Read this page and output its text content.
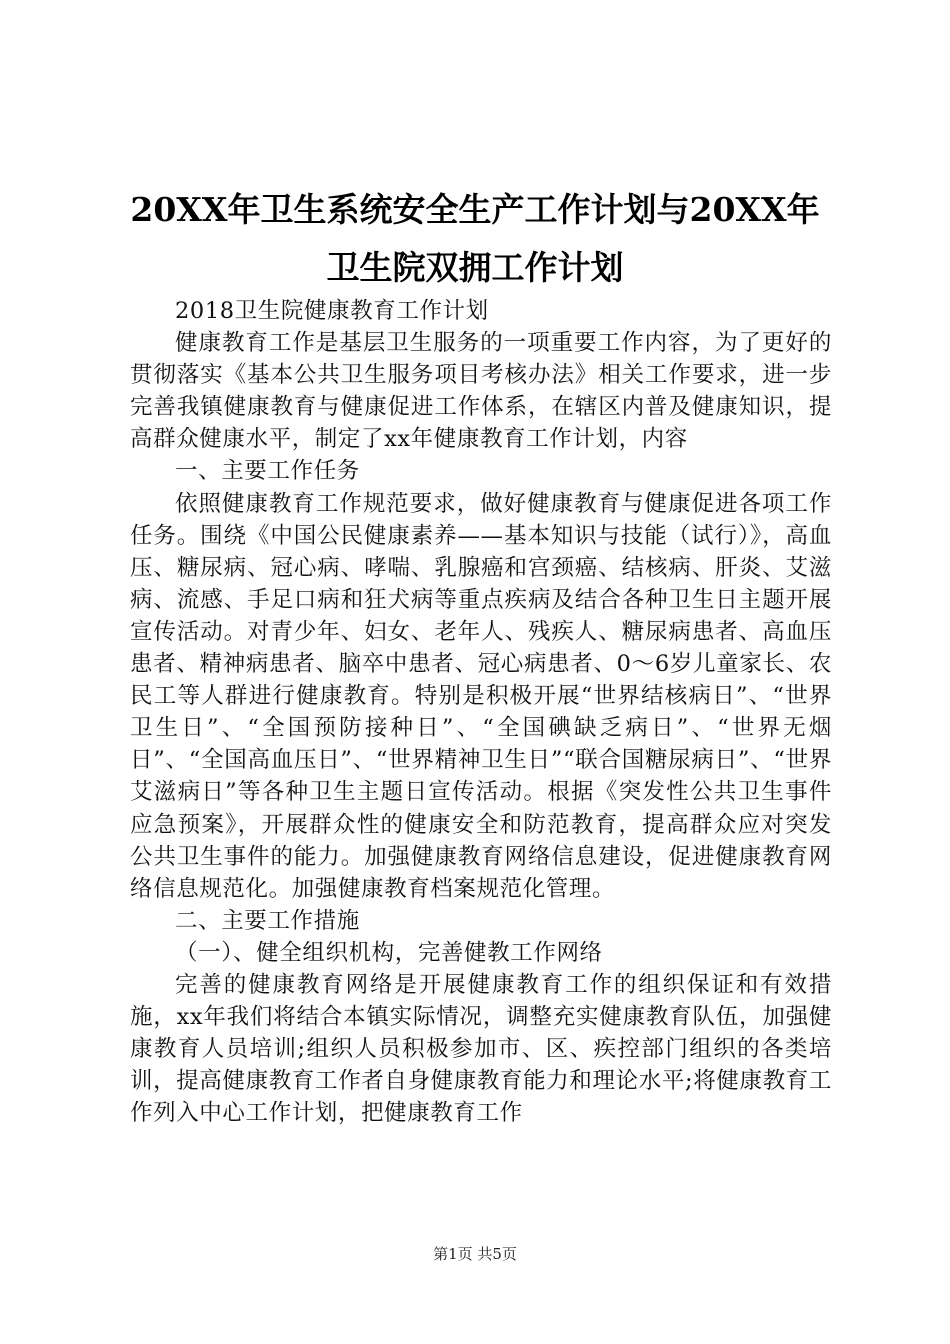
20XX年卫生系统安全生产工作计划与20XX年
卫生院双拥工作计划

2018卫生院健康教育工作计划

健康教育工作是基层卫生服务的一项重要工作内容，为了更好的贯彻落实《基本公共卫生服务项目考核办法》相关工作要求，进一步完善我镇健康教育与健康促进工作体系，在辖区内普及健康知识，提高群众健康水平，制定了xx年健康教育工作计划，内容

一、主要工作任务

依照健康教育工作规范要求，做好健康教育与健康促进各项工作任务。围绕《中国公民健康素养——基本知识与技能（试行）》，高血压、糖尿病、冠心病、哮喘、乳腺癌和宫颈癌、结核病、肝炎、艾滋病、流感、手足口病和狂犬病等重点疾病及结合各种卫生日主题开展宣传活动。对青少年、妇女、老年人、残疾人、糖尿病患者、高血压患者、精神病患者、脑卒中患者、冠心病患者、0～6岁儿童家长、农民工等人群进行健康教育。特别是积极开展“世界结核病日”、“世界卫生日”、“全国预防接种日”、“全国碘缺乏病日”、“世界无烟日”、“全国高血压日”、“世界精神卫生日”“联合国糖尿病日”、“世界艾滋病日”等各种卫生主题日宣传活动。根据《突发性公共卫生事件应急预案》，开展群众性的健康安全和防范教育，提高群众应对突发公共卫生事件的能力。加强健康教育网络信息建设，促进健康教育网络信息规范化。加强健康教育档案规范化管理。

二、主要工作措施

（一）、健全组织机构，完善健教工作网络

完善的健康教育网络是开展健康教育工作的组织保证和有效措施，xx年我们将结合本镇实际情况，调整充实健康教育队伍，加强健康教育人员培训;组织人员积极参加市、区、疾控部门组织的各类培训，提高健康教育工作者自身健康教育能力和理论水平;将健康教育工作列入中心工作计划，把健康教育工作

第1页 共5页
